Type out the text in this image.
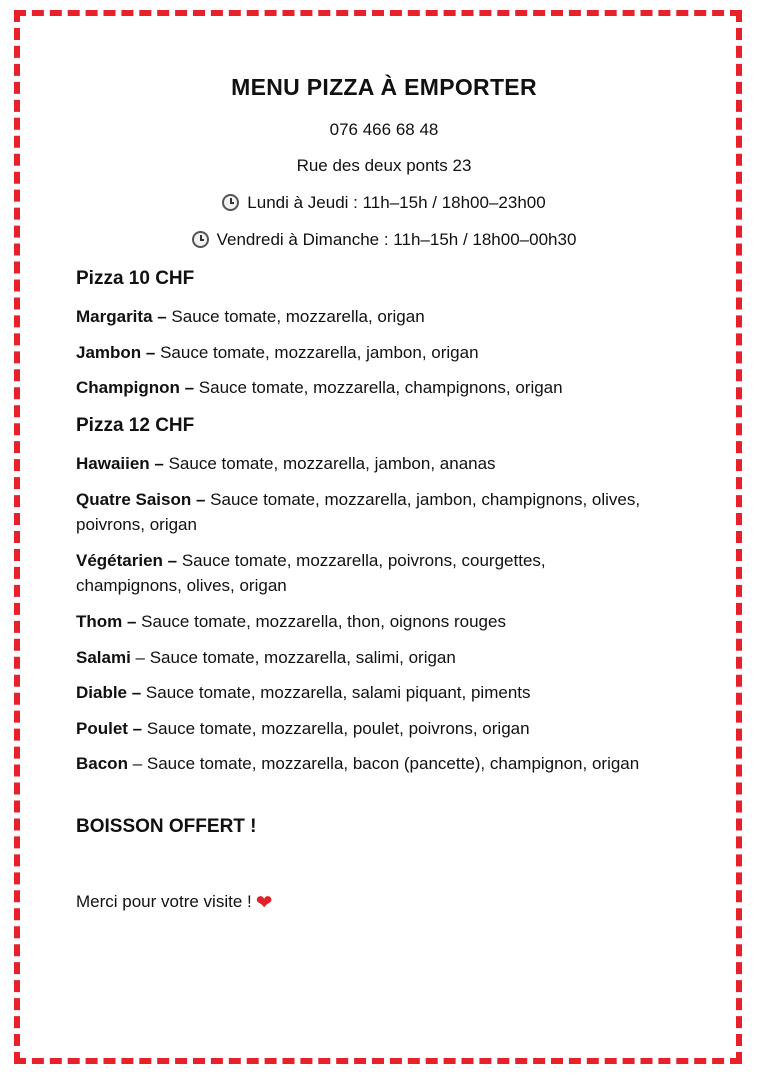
MENU PIZZA À EMPORTER
076 466 68 48
Rue des deux ponts 23
Lundi à Jeudi : 11h–15h / 18h00–23h00
Vendredi à Dimanche : 11h–15h / 18h00–00h30
Pizza 10 CHF
Margarita – Sauce tomate, mozzarella, origan
Jambon – Sauce tomate, mozzarella, jambon, origan
Champignon – Sauce tomate, mozzarella, champignons, origan
Pizza 12 CHF
Hawaiien – Sauce tomate, mozzarella, jambon, ananas
Quatre Saison – Sauce tomate, mozzarella, jambon, champignons, olives, poivrons, origan
Végétarien – Sauce tomate, mozzarella, poivrons, courgettes, champignons, olives, origan
Thom – Sauce tomate, mozzarella, thon, oignons rouges
Salami – Sauce tomate, mozzarella, salimi, origan
Diable – Sauce tomate, mozzarella, salami piquant, piments
Poulet – Sauce tomate, mozzarella, poulet, poivrons, origan
Bacon – Sauce tomate, mozzarella, bacon (pancette), champignon, origan
BOISSON OFFERT !
Merci pour votre visite ! ❤
